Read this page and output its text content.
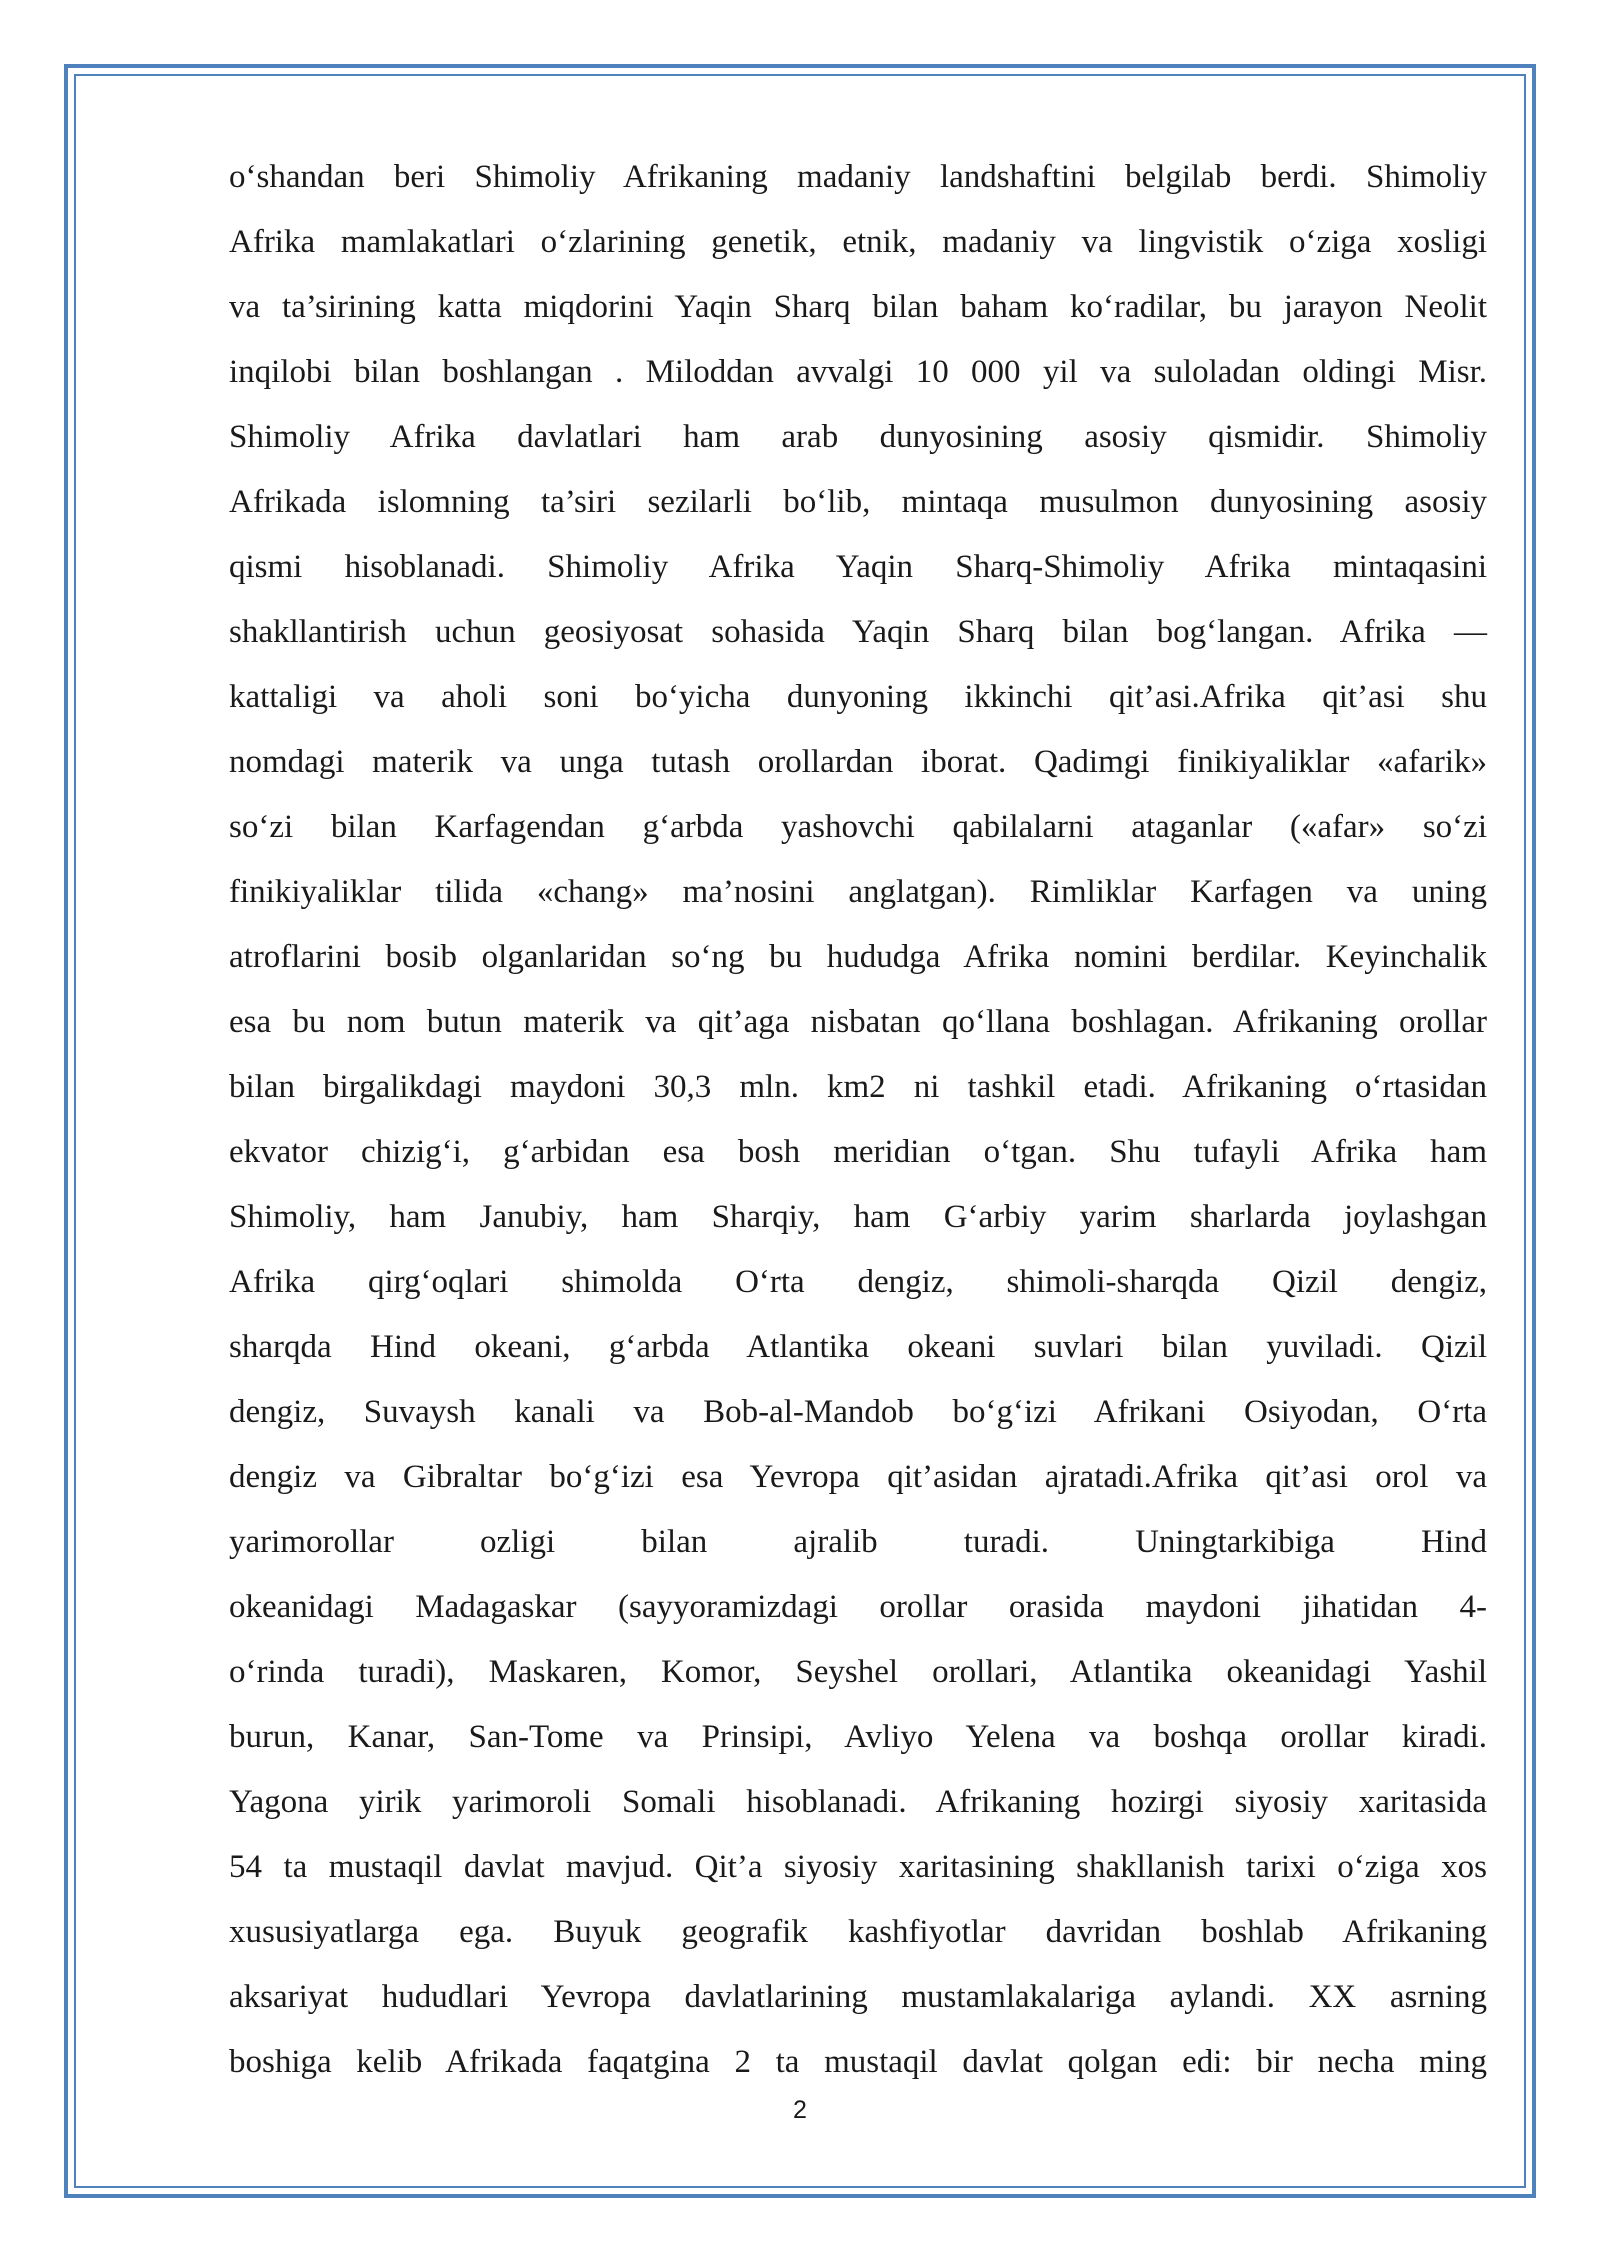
o‘shandan beri Shimoliy Afrikaning madaniy landshaftini belgilab berdi. Shimoliy
Afrika mamlakatlari o‘zlarining genetik, etnik, madaniy va lingvistik o‘ziga xosligi
va ta’sirining katta miqdorini Yaqin Sharq bilan baham ko‘radilar, bu jarayon Neolit
inqilobi bilan boshlangan . Miloddan avvalgi 10 000 yil va suloladan oldingi Misr.
Shimoliy Afrika davlatlari ham arab dunyosining asosiy qismidir. Shimoliy
Afrikada islomning ta’siri sezilarli bo‘lib, mintaqa musulmon dunyosining asosiy
qismi hisoblanadi. Shimoliy Afrika Yaqin Sharq-Shimoliy Afrika mintaqasini
shakllantirish uchun geosiyosat sohasida Yaqin Sharq bilan bog‘langan. Afrika —
kattaligi va aholi soni bo‘yicha dunyoning ikkinchi qit’asi.Afrika qit’asi shu
nomdagi materik va unga tutash orollardan iborat. Qadimgi finikiyaliklar «afarik»
so‘zi bilan Karfagendan g‘arbda yashovchi qabilalarni ataganlar («afar» so‘zi
finikiyaliklar tilida «chang» ma’nosini anglatgan). Rimliklar Karfagen va uning
atroflarini bosib olganlaridan so‘ng bu hududga Afrika nomini berdilar. Keyinchalik
esa bu nom butun materik va qit’aga nisbatan qo‘llana boshlagan. Afrikaning orollar
bilan birgalikdagi maydoni 30,3 mln. km2 ni tashkil etadi. Afrikaning o‘rtasidan
ekvator chizig‘i, g‘arbidan esa bosh meridian o‘tgan. Shu tufayli Afrika ham
Shimoliy, ham Janubiy, ham Sharqiy, ham G‘arbiy yarim sharlarda joylashgan
Afrika qirg‘oqlari shimolda O‘rta dengiz, shimoli-sharqda Qizil dengiz,
sharqda Hind okeani, g‘arbda Atlantika okeani suvlari bilan yuviladi. Qizil
dengiz, Suvaysh kanali va Bob-al-Mandob bo‘g‘izi Afrikani Osiyodan, O‘rta
dengiz va Gibraltar bo‘g‘izi esa Yevropa qit’asidan ajratadi.Afrika qit’asi orol va
yarimorollar ozligi bilan ajralib turadi. Uningtarkibiga Hind
okeanidagi Madagaskar (sayyoramizdagi orollar orasida maydoni jihatidan 4-
o‘rinda turadi), Maskaren, Komor, Seyshel orollari, Atlantika okeanidagi Yashil
burun, Kanar, San-Tome va Prinsipi, Avliyo Yelena va boshqa orollar kiradi.
Yagona yirik yarimoroli Somali hisoblanadi. Afrikaning hozirgi siyosiy xaritasida
54 ta mustaqil davlat mavjud. Qit’a siyosiy xaritasining shakllanish tarixi o‘ziga xos
xususiyatlarga ega. Buyuk geografik kashfiyotlar davridan boshlab Afrikaning
aksariyat hududlari Yevropa davlatlarining mustamlakalariga aylandi. XX asrning
boshiga kelib Afrikada faqatgina 2 ta mustaqil davlat qolgan edi: bir necha ming
2
